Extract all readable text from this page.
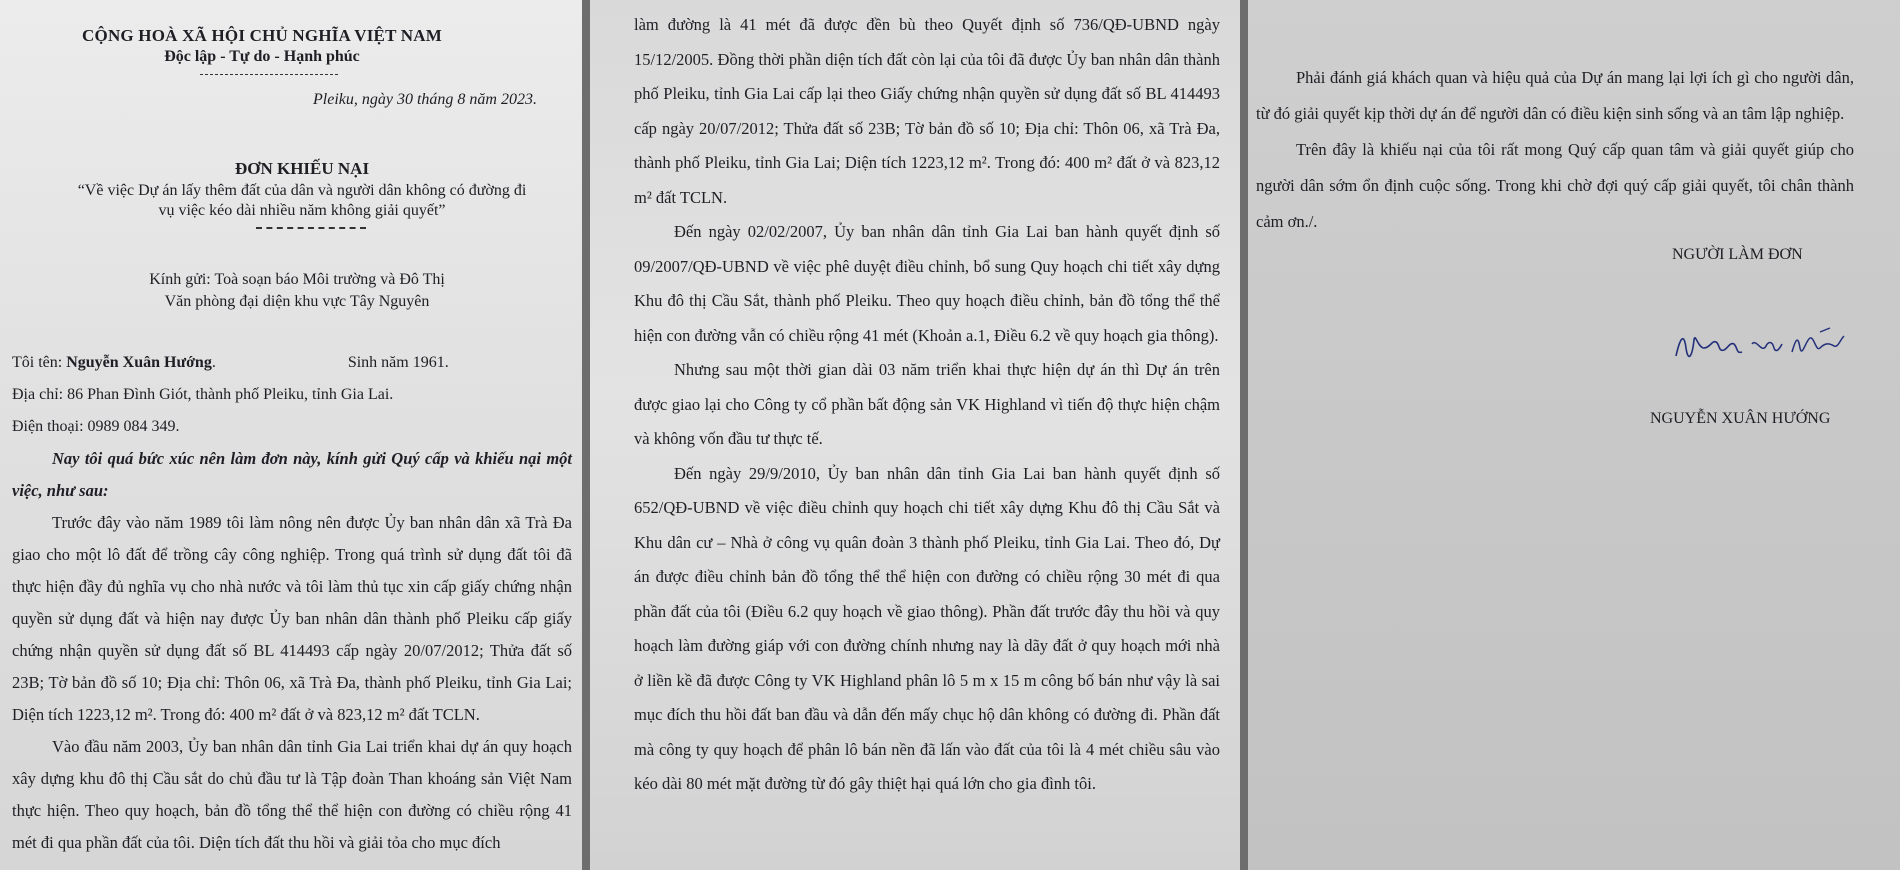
CỘNG HOÀ XÃ HỘI CHỦ NGHĨA VIỆT NAM
Độc lập - Tự do - Hạnh phúc
Pleiku, ngày 30 tháng 8 năm 2023.
ĐƠN KHIẾU NẠI
“Về việc Dự án lấy thêm đất của dân và người dân không có đường đi
vụ việc kéo dài nhiều năm không giải quyết”
Kính gửi: Toà soạn báo Môi trường và Đô Thị
Văn phòng đại diện khu vực Tây Nguyên
Tôi tên: Nguyễn Xuân Hướng.	Sinh năm 1961.
Địa chỉ: 86 Phan Đình Giót, thành phố Pleiku, tỉnh Gia Lai.
Điện thoại: 0989 084 349.

Nay tôi quá bức xúc nên làm đơn này, kính gửi Quý cấp và khiếu nại một việc, như sau:

Trước đây vào năm 1989 tôi làm nông nên được Ủy ban nhân dân xã Trà Đa giao cho một lô đất để trồng cây công nghiệp. Trong quá trình sử dụng đất tôi đã thực hiện đầy đủ nghĩa vụ cho nhà nước và tôi làm thủ tục xin cấp giấy chứng nhận quyền sử dụng đất và hiện nay được Ủy ban nhân dân thành phố Pleiku cấp giấy chứng nhận quyền sử dụng đất số BL 414493 cấp ngày 20/07/2012; Thửa đất số 23B; Tờ bản đồ số 10; Địa chỉ: Thôn 06, xã Trà Đa, thành phố Pleiku, tỉnh Gia Lai; Diện tích 1223,12 m². Trong đó: 400 m² đất ở và 823,12 m² đất TCLN.

Vào đầu năm 2003, Ủy ban nhân dân tỉnh Gia Lai triển khai dự án quy hoạch xây dựng khu đô thị Cầu sắt do chủ đầu tư là Tập đoàn Than khoáng sản Việt Nam thực hiện. Theo quy hoạch, bản đồ tổng thể thể hiện con đường có chiều rộng 41 mét đi qua phần đất của tôi. Diện tích đất thu hồi và giải tỏa cho mục đích

làm đường là 41 mét đã được đền bù theo Quyết định số 736/QĐ-UBND ngày 15/12/2005. Đồng thời phần diện tích đất còn lại của tôi đã được Ủy ban nhân dân thành phố Pleiku, tỉnh Gia Lai cấp lại theo Giấy chứng nhận quyền sử dụng đất số BL 414493 cấp ngày 20/07/2012; Thửa đất số 23B; Tờ bản đồ số 10; Địa chỉ: Thôn 06, xã Trà Đa, thành phố Pleiku, tỉnh Gia Lai; Diện tích 1223,12 m². Trong đó: 400 m² đất ở và 823,12 m² đất TCLN.

Đến ngày 02/02/2007, Ủy ban nhân dân tỉnh Gia Lai ban hành quyết định số 09/2007/QĐ-UBND về việc phê duyệt điều chỉnh, bổ sung Quy hoạch chi tiết xây dựng Khu đô thị Cầu Sắt, thành phố Pleiku. Theo quy hoạch điều chỉnh, bản đồ tổng thể thể hiện con đường vẫn có chiều rộng 41 mét (Khoản a.1, Điều 6.2 về quy hoạch gia thông).

Nhưng sau một thời gian dài 03 năm triển khai thực hiện dự án thì Dự án trên được giao lại cho Công ty cổ phần bất động sản VK Highland vì tiến độ thực hiện chậm và không vốn đầu tư thực tế.

Đến ngày 29/9/2010, Ủy ban nhân dân tỉnh Gia Lai ban hành quyết định số 652/QĐ-UBND về việc điều chỉnh quy hoạch chi tiết xây dựng Khu đô thị Cầu Sắt và Khu dân cư – Nhà ở công vụ quân đoàn 3 thành phố Pleiku, tỉnh Gia Lai. Theo đó, Dự án được điều chỉnh bản đồ tổng thể thể hiện con đường có chiều rộng 30 mét đi qua phần đất của tôi (Điều 6.2 quy hoạch về giao thông). Phần đất trước đây thu hồi và quy hoạch làm đường giáp với con đường chính nhưng nay là dãy đất ở quy hoạch mới nhà ở liền kề đã được Công ty VK Highland phân lô 5 m x 15 m công bố bán như vậy là sai mục đích thu hồi đất ban đầu và dẫn đến mấy chục hộ dân không có đường đi. Phần đất mà công ty quy hoạch để phân lô bán nền đã lấn vào đất của tôi là 4 mét chiều sâu vào kéo dài 80 mét mặt đường từ đó gây thiệt hại quá lớn cho gia đình tôi.

Phải đánh giá khách quan và hiệu quả của Dự án mang lại lợi ích gì cho người dân, từ đó giải quyết kịp thời dự án để người dân có điều kiện sinh sống và an tâm lập nghiệp.

Trên đây là khiếu nại của tôi rất mong Quý cấp quan tâm và giải quyết giúp cho người dân sớm ổn định cuộc sống. Trong khi chờ đợi quý cấp giải quyết, tôi chân thành cảm ơn./.

NGƯỜI LÀM ĐƠN
NGUYỄN XUÂN HƯỚNG
